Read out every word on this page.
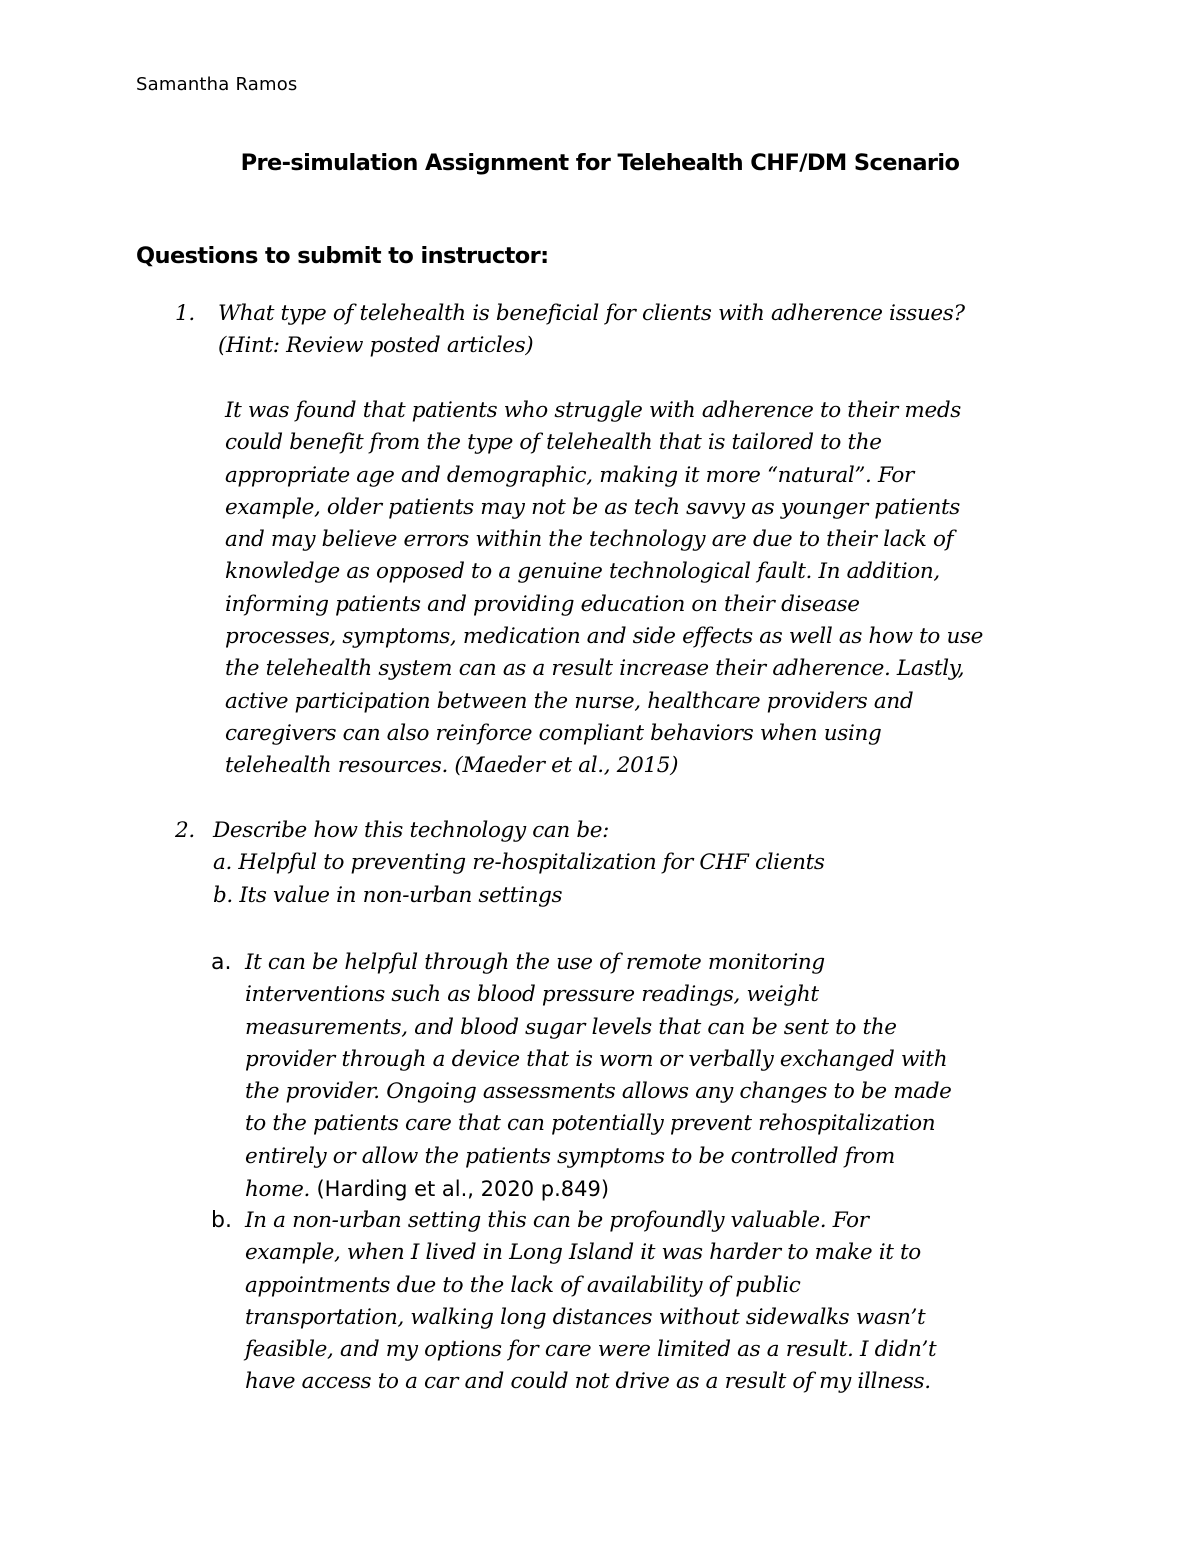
Samantha Ramos
Pre-simulation Assignment for Telehealth CHF/DM Scenario
Questions to submit to instructor:
1. What type of telehealth is beneficial for clients with adherence issues?
(Hint: Review posted articles)
It was found that patients who struggle with adherence to their meds
could benefit from the type of telehealth that is tailored to the
appropriate age and demographic, making it more “natural”. For
example, older patients may not be as tech savvy as younger patients
and may believe errors within the technology are due to their lack of
knowledge as opposed to a genuine technological fault. In addition,
informing patients and providing education on their disease
processes, symptoms, medication and side effects as well as how to use
the telehealth system can as a result increase their adherence. Lastly,
active participation between the nurse, healthcare providers and
caregivers can also reinforce compliant behaviors when using
telehealth resources. (Maeder et al., 2015)
2. Describe how this technology can be:
a. Helpful to preventing re-hospitalization for CHF clients
b. Its value in non-urban settings
a. It can be helpful through the use of remote monitoring
interventions such as blood pressure readings, weight
measurements, and blood sugar levels that can be sent to the
provider through a device that is worn or verbally exchanged with
the provider. Ongoing assessments allows any changes to be made
to the patients care that can potentially prevent rehospitalization
entirely or allow the patients symptoms to be controlled from
home. (Harding et al., 2020 p.849)
b. In a non-urban setting this can be profoundly valuable. For
example, when I lived in Long Island it was harder to make it to
appointments due to the lack of availability of public
transportation, walking long distances without sidewalks wasn’t
feasible, and my options for care were limited as a result. I didn’t
have access to a car and could not drive as a result of my illness.
